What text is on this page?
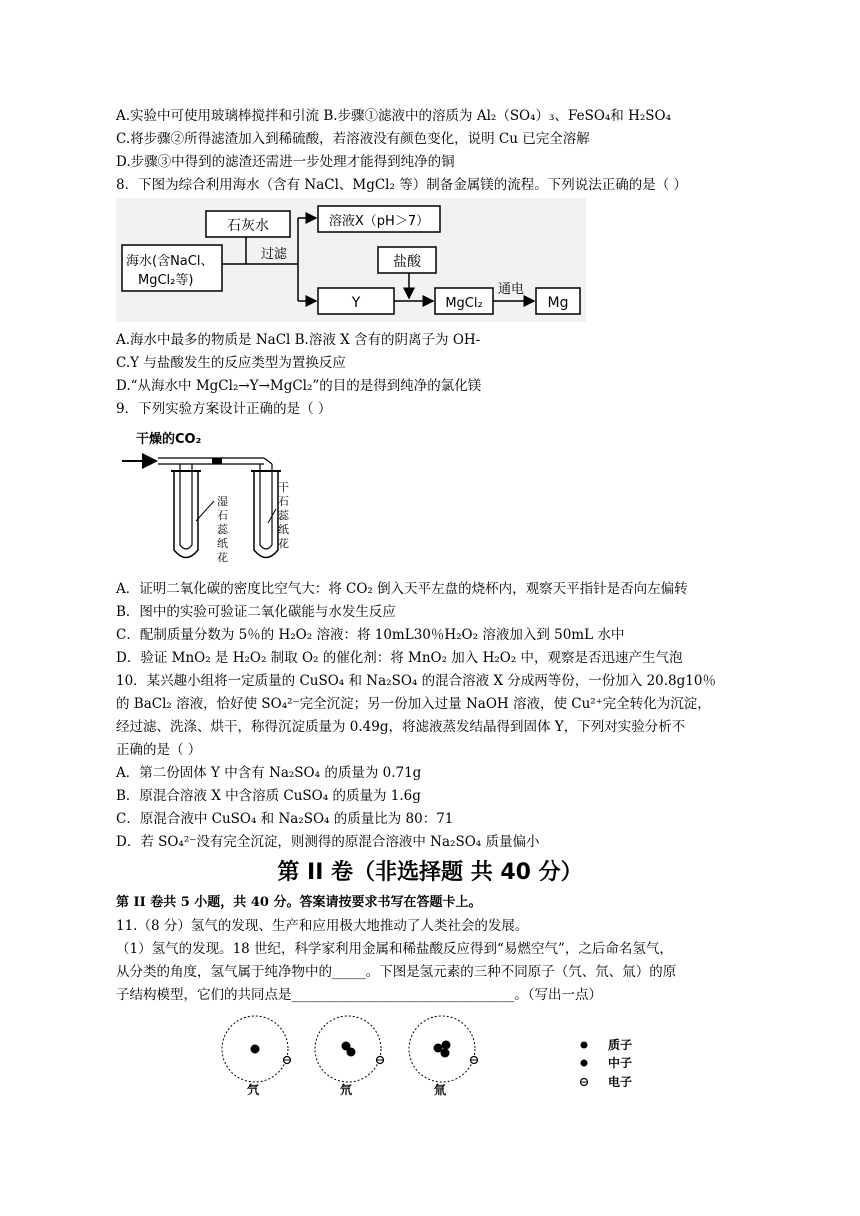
A.实验中可使用玻璃棒搅拌和引流 B.步骤①滤液中的溶质为 Al₂（SO₄）₃、FeSO₄和 H₂SO₄
C.将步骤②所得滤渣加入到稀硫酸，若溶液没有颜色变化，说明 Cu 已完全溶解
D.步骤③中得到的滤渣还需进一步处理才能得到纯净的铜
8．下图为综合利用海水（含有 NaCl、MgCl₂ 等）制备金属镁的流程。下列说法正确的是（ ）
石灰水
海水(含NaCl、
MgCl₂等)
过滤
溶液X（pH＞7）
Y
盐酸
MgCl₂
通电
Mg
A.海水中最多的物质是 NaCl B.溶液 X 含有的阴离子为 OH-
C.Y 与盐酸发生的反应类型为置换反应
D.“从海水中 MgCl₂→Y→MgCl₂”的目的是得到纯净的氯化镁
9．下列实验方案设计正确的是（ ）
干燥的CO₂
湿石蕊纸花
干石蕊纸花
A．证明二氧化碳的密度比空气大：将 CO₂ 倒入天平左盘的烧杯内，观察天平指针是否向左偏转
B．图中的实验可验证二氧化碳能与水发生反应
C．配制质量分数为 5％的 H₂O₂ 溶液：将 10mL30％H₂O₂ 溶液加入到 50mL 水中
D．验证 MnO₂ 是 H₂O₂ 制取 O₂ 的催化剂：将 MnO₂ 加入 H₂O₂ 中，观察是否迅速产生气泡
10．某兴趣小组将一定质量的 CuSO₄ 和 Na₂SO₄ 的混合溶液 X 分成两等份，一份加入 20.8g10％
的 BaCl₂ 溶液，恰好使 SO₄²⁻完全沉淀；另一份加入过量 NaOH 溶液，使 Cu²⁺完全转化为沉淀，
经过滤、洗涤、烘干，称得沉淀质量为 0.49g，将滤液蒸发结晶得到固体 Y，下列对实验分析不
正确的是（ ）
A．第二份固体 Y 中含有 Na₂SO₄ 的质量为 0.71g
B．原混合溶液 X 中含溶质 CuSO₄ 的质量为 1.6g
C．原混合液中 CuSO₄ 和 Na₂SO₄ 的质量比为 80：71
D．若 SO₄²⁻没有完全沉淀，则测得的原混合溶液中 Na₂SO₄ 质量偏小
第 II 卷（非选择题 共 40 分）
第 II 卷共 5 小题，共 40 分。答案请按要求书写在答题卡上。
11.（8 分）氢气的发现、生产和应用极大地推动了人类社会的发展。
（1）氢气的发现。18 世纪，科学家利用金属和稀盐酸反应得到“易燃空气”，之后命名氢气，
从分类的角度，氢气属于纯净物中的_____。下图是氢元素的三种不同原子（氕、氘、氚）的原
子结构模型，它们的共同点是_________________________________。（写出一点）
氕	氘	氚
质子
中子
电子
